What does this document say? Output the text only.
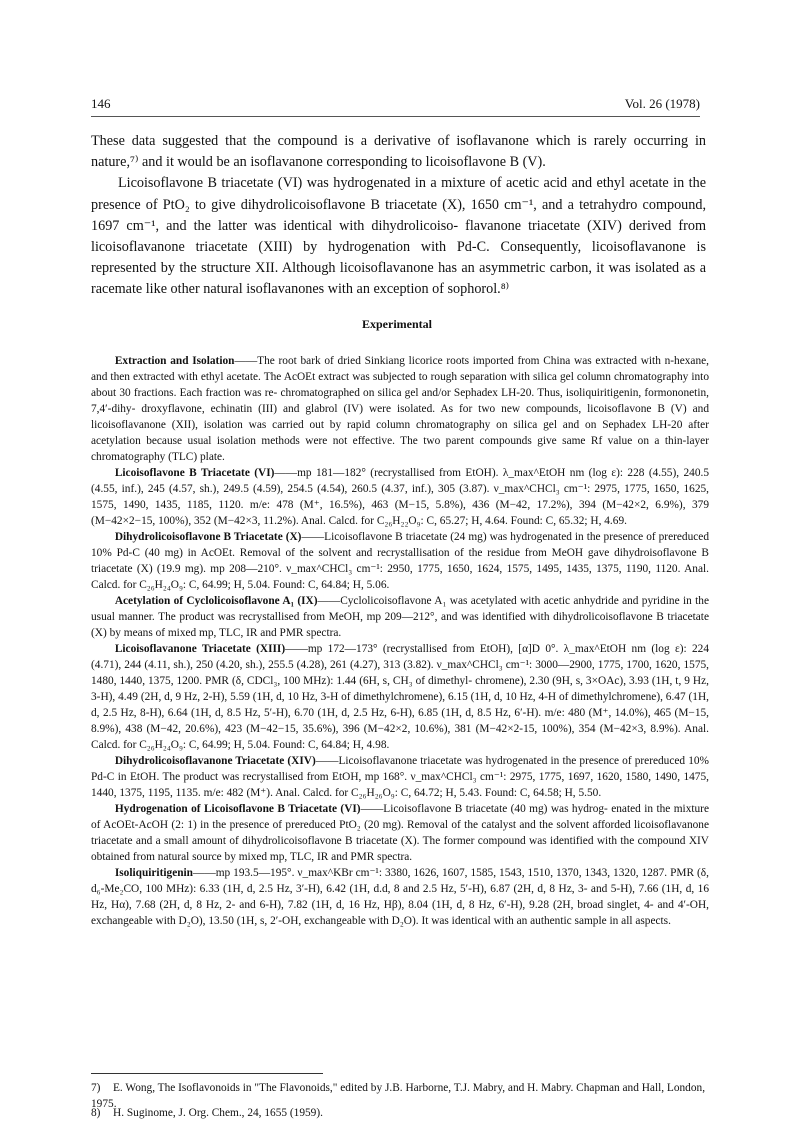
146	Vol. 26 (1978)

These data suggested that the compound is a derivative of isoflavanone which is rarely occurring in nature,⁷⁾ and it would be an isoflavanone corresponding to licoisoflavone B (V).

Licoisoflavone B triacetate (VI) was hydrogenated in a mixture of acetic acid and ethyl acetate in the presence of PtO₂ to give dihydrolicoisoflavone B triacetate (X), 1650 cm⁻¹, and a tetrahydro compound, 1697 cm⁻¹, and the latter was identical with dihydrolicoiso- flavanone triacetate (XIV) derived from licoisoflavanone triacetate (XIII) by hydrogenation with Pd-C. Consequently, licoisoflavanone is represented by the structure XII. Although licoisoflavanone has an asymmetric carbon, it was isolated as a racemate like other natural isoflavanones with an exception of sophorol.⁸⁾

Experimental

Extraction and Isolation——The root bark of dried Sinkiang licorice roots imported from China was extracted with n-hexane, and then extracted with ethyl acetate. The AcOEt extract was subjected to rough separation with silica gel column chromatography into about 30 fractions. Each fraction was re- chromatographed on silica gel and/or Sephadex LH-20. Thus, isoliquiritigenin, formononetin, 7,4′-dihy- droxyflavone, echinatin (III) and glabrol (IV) were isolated. As for two new compounds, licoisoflavone B (V) and licoisoflavanone (XII), isolation was carried out by rapid column chromatography on silica gel and on Sephadex LH-20 after acetylation because usual isolation methods were not effective. The two parent compounds give same Rf value on a thin-layer chromatography (TLC) plate.

Licoisoflavone B Triacetate (VI)——mp 181—182° (recrystallised from EtOH). λ_max^EtOH nm (log ε): 228 (4.55), 240.5 (4.55, inf.), 245 (4.57, sh.), 249.5 (4.59), 254.5 (4.54), 260.5 (4.37, inf.), 305 (3.87). ν_max^CHCl₃ cm⁻¹: 2975, 1775, 1650, 1625, 1575, 1490, 1435, 1185, 1120. m/e: 478 (M⁺, 16.5%), 463 (M−15, 5.8%), 436 (M−42, 17.2%), 394 (M−42×2, 6.9%), 379 (M−42×2−15, 100%), 352 (M−42×3, 11.2%). Anal. Calcd. for C₂₆H₂₂O₉: C, 65.27; H, 4.64. Found: C, 65.32; H, 4.69.

Dihydrolicoisoflavone B Triacetate (X)——Licoisoflavone B triacetate (24 mg) was hydrogenated in the presence of prereduced 10% Pd-C (40 mg) in AcOEt. Removal of the solvent and recrystallisation of the residue from MeOH gave dihydroisoflavone B triacetate (X) (19.9 mg). mp 208—210°. ν_max^CHCl₃ cm⁻¹: 2950, 1775, 1650, 1624, 1575, 1495, 1435, 1375, 1190, 1120. Anal. Calcd. for C₂₆H₂₄O₉: C, 64.99; H, 5.04. Found: C, 64.84; H, 5.06.

Acetylation of Cyclolicoisoflavone A₁ (IX)——Cyclolicoisoflavone A₁ was acetylated with acetic anhydride and pyridine in the usual manner. The product was recrystallised from MeOH, mp 209—212°, and was identified with dihydrolicoisoflavone B triacetate (X) by means of mixed mp, TLC, IR and PMR spectra.

Licoisoflavanone Triacetate (XIII)——mp 172—173° (recrystallised from EtOH), [α]D 0°. λ_max^EtOH nm (log ε): 224 (4.71), 244 (4.11, sh.), 250 (4.20, sh.), 255.5 (4.28), 261 (4.27), 313 (3.82). ν_max^CHCl₃ cm⁻¹: 3000—2900, 1775, 1700, 1620, 1575, 1480, 1440, 1375, 1200. PMR (δ, CDCl₃, 100 MHz): 1.44 (6H, s, CH₃ of dimethyl- chromene), 2.30 (9H, s, 3×OAc), 3.93 (1H, t, 9 Hz, 3-H), 4.49 (2H, d, 9 Hz, 2-H), 5.59 (1H, d, 10 Hz, 3-H of dimethylchromene), 6.15 (1H, d, 10 Hz, 4-H of dimethylchromene), 6.47 (1H, d, 2.5 Hz, 8-H), 6.64 (1H, d, 8.5 Hz, 5′-H), 6.70 (1H, d, 2.5 Hz, 6-H), 6.85 (1H, d, 8.5 Hz, 6′-H). m/e: 480 (M⁺, 14.0%), 465 (M−15, 8.9%), 438 (M−42, 20.6%), 423 (M−42−15, 35.6%), 396 (M−42×2, 10.6%), 381 (M−42×2-15, 100%), 354 (M−42×3, 8.9%). Anal. Calcd. for C₂₆H₂₄O₉: C, 64.99; H, 5.04. Found: C, 64.84; H, 4.98.

Dihydrolicoisoflavanone Triacetate (XIV)——Licoisoflavanone triacetate was hydrogenated in the presence of prereduced 10% Pd-C in EtOH. The product was recrystallised from EtOH, mp 168°. ν_max^CHCl₃ cm⁻¹: 2975, 1775, 1697, 1620, 1580, 1490, 1475, 1440, 1375, 1195, 1135. m/e: 482 (M⁺). Anal. Calcd. for C₂₆H₂₆O₉: C, 64.72; H, 5.43. Found: C, 64.58; H, 5.50.

Hydrogenation of Licoisoflavone B Triacetate (VI)——Licoisoflavone B triacetate (40 mg) was hydrog- enated in the mixture of AcOEt-AcOH (2: 1) in the presence of prereduced PtO₂ (20 mg). Removal of the catalyst and the solvent afforded licoisoflavanone triacetate and a small amount of dihydrolicoisoflavone B triacetate (X). The former compound was identified with the compound XIV obtained from natural source by mixed mp, TLC, IR and PMR spectra.

Isoliquiritigenin——mp 193.5—195°. ν_max^KBr cm⁻¹: 3380, 1626, 1607, 1585, 1543, 1510, 1370, 1343, 1320, 1287. PMR (δ, d₆-Me₂CO, 100 MHz): 6.33 (1H, d, 2.5 Hz, 3′-H), 6.42 (1H, d.d, 8 and 2.5 Hz, 5′-H), 6.87 (2H, d, 8 Hz, 3- and 5-H), 7.66 (1H, d, 16 Hz, Hα), 7.68 (2H, d, 8 Hz, 2- and 6-H), 7.82 (1H, d, 16 Hz, Hβ), 8.04 (1H, d, 8 Hz, 6′-H), 9.28 (2H, broad singlet, 4- and 4′-OH, exchangeable with D₂O), 13.50 (1H, s, 2′-OH, exchangeable with D₂O). It was identical with an authentic sample in all aspects.

7) E. Wong, The Isoflavonoids in "The Flavonoids," edited by J.B. Harborne, T.J. Mabry, and H. Mabry. Chapman and Hall, London, 1975.
8) H. Suginome, J. Org. Chem., 24, 1655 (1959).
